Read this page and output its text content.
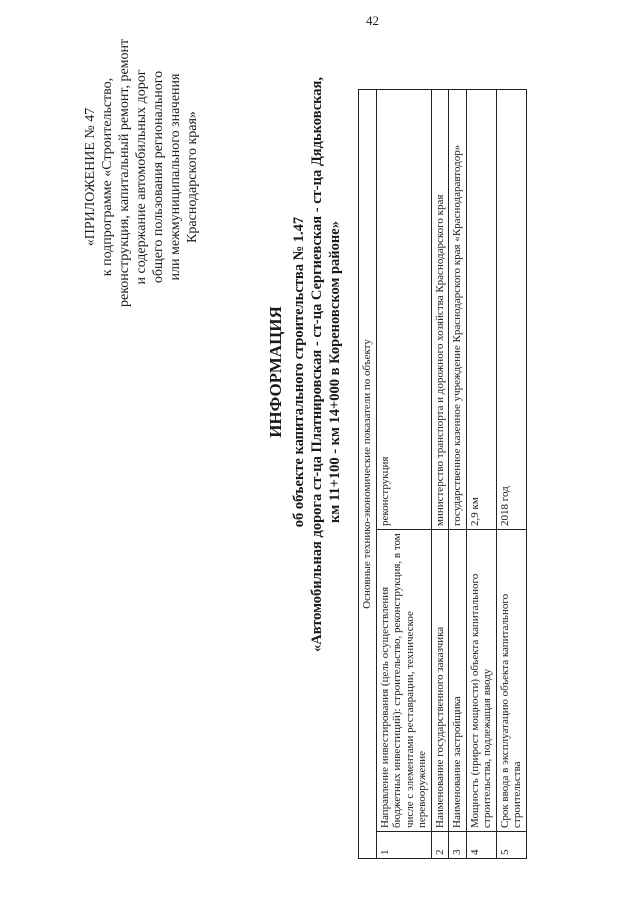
42
«ПРИЛОЖЕНИЕ № 47 к подпрограмме «Строительство, реконструкция, капитальный ремонт, ремонт и содержание автомобильных дорог общего пользования регионального или межмуниципального значения Краснодарского края»
ИНФОРМАЦИЯ об объекте капитального строительства № 1.47 «Автомобильная дорога ст-ца Платнировская - ст-ца Сергиевская - ст-ца Дядьковская, км 11+100 - км 14+000 в Кореновском районе» Основные технико-экономические показатели по объекту		
1	Направление инвестирования (цель осуществления бюджетных инвестиций): строительство, реконструкция, в том числе с элементами реставрации, техническое перевооружение	реконструкция
2	Наименование государственного заказчика	министерство транспорта и дорожного хозяйства Краснодарского края
3	Наименование застройщика	государственное казенное учреждение Краснодарского края «Краснодаравтодор»
4	Мощность (прирост мощности) объекта капитального строительства, подлежащая вводу	2,9 км
5	Срок ввода в эксплуатацию объекта капитального строительства	2018 год
